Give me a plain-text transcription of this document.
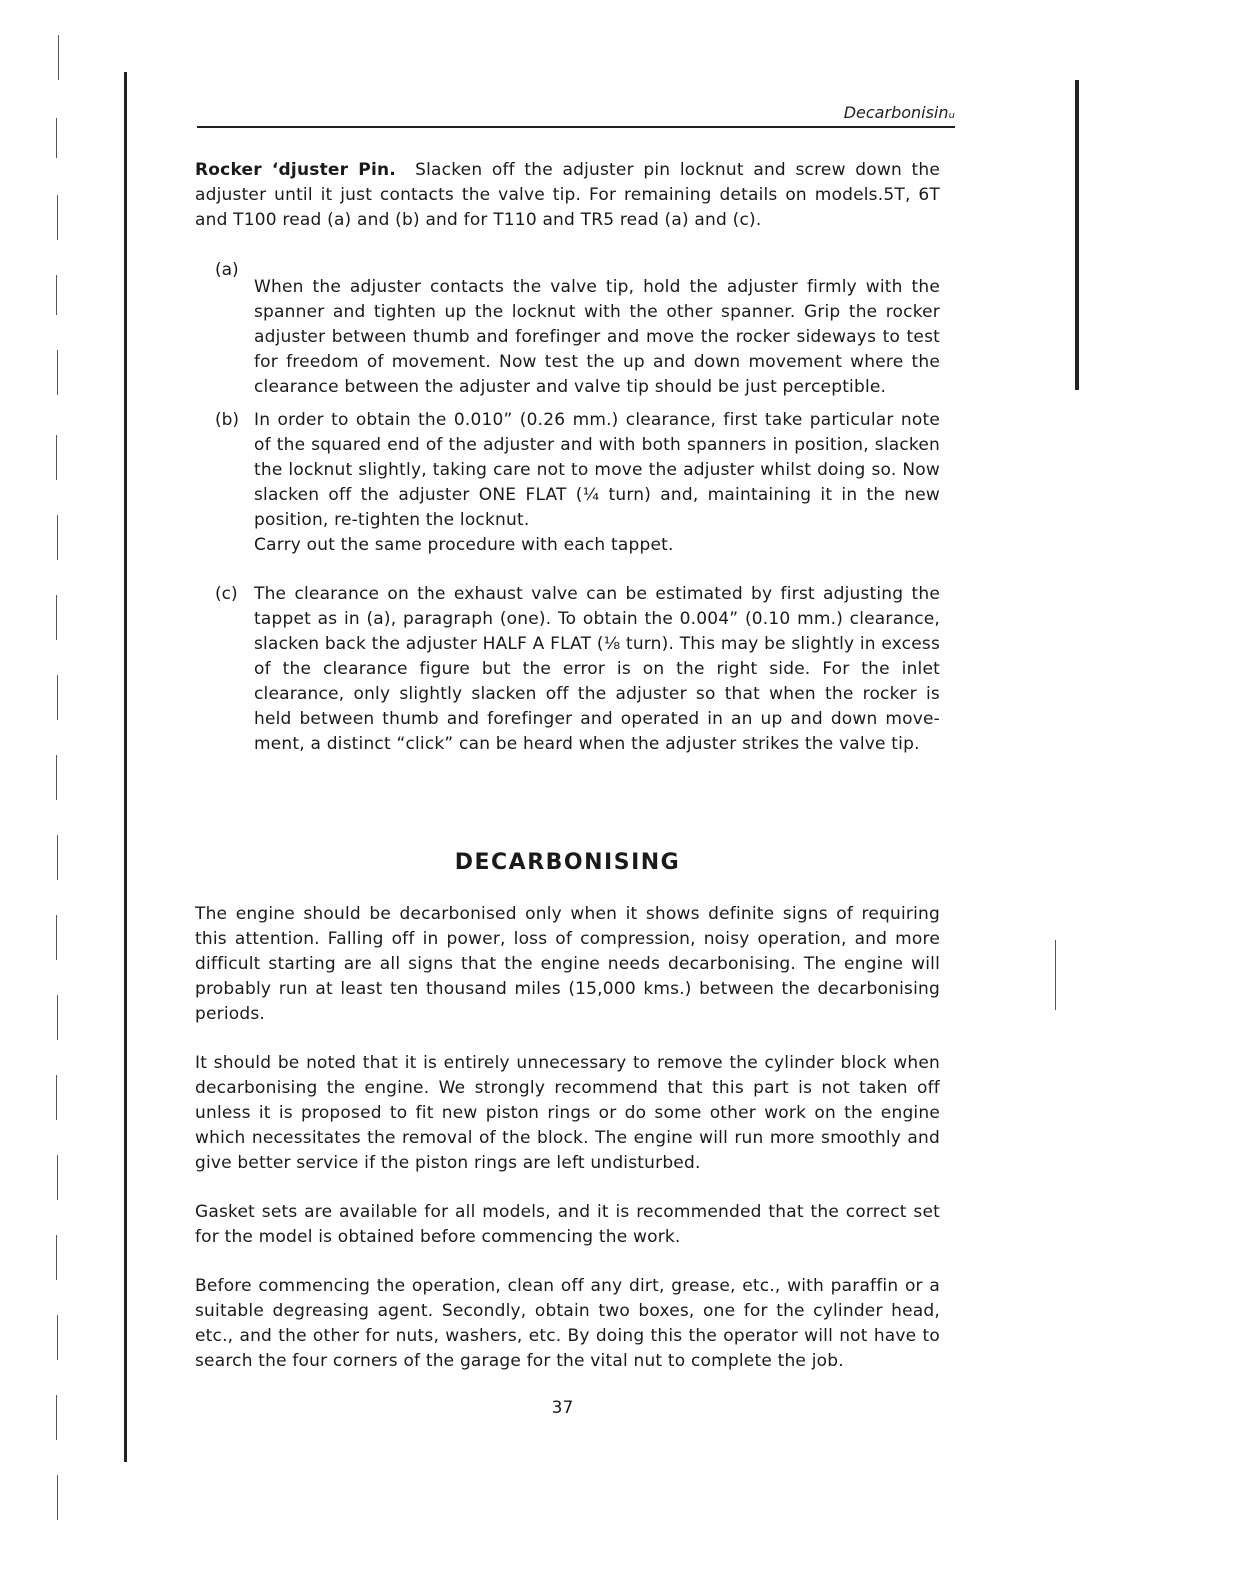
Decarbonisinᵤ
Rocker ‘djuster Pin. Slacken off the adjuster pin locknut and screw down the adjuster until it just contacts the valve tip. For remaining details on models.5T, 6T and T100 read (a) and (b) and for T110 and TR5 read (a) and (c).
(a)

When the adjuster contacts the valve tip, hold the adjuster firmly with the spanner and tighten up the locknut with the other spanner. Grip the rocker adjuster between thumb and forefinger and move the rocker sideways to test for freedom of movement. Now test the up and down movement where the clearance between the adjuster and valve tip should be just perceptible.

(b) In order to obtain the 0.010” (0.26 mm.) clearance, first take particular note of the squared end of the adjuster and with both spanners in position, slacken the locknut slightly, taking care not to move the adjuster whilst doing so. Now slacken off the adjuster ONE FLAT (¼ turn) and, maintaining it in the new position, re-tighten the locknut.

Carry out the same procedure with each tappet.

(c) The clearance on the exhaust valve can be estimated by first adjusting the tappet as in (a), paragraph (one). To obtain the 0.004” (0.10 mm.) clearance, slacken back the adjuster HALF A FLAT (⅛ turn). This may be slightly in excess of the clearance figure but the error is on the right side. For the inlet clearance, only slightly slacken off the adjuster so that when the rocker is held between thumb and forefinger and operated in an up and down move-ment, a distinct “click” can be heard when the adjuster strikes the valve tip.

DECARBONISING

The engine should be decarbonised only when it shows definite signs of requiring this attention. Falling off in power, loss of compression, noisy operation, and more difficult starting are all signs that the engine needs decarbonising. The engine will probably run at least ten thousand miles (15,000 kms.) between the decarbonising periods.

It should be noted that it is entirely unnecessary to remove the cylinder block when decarbonising the engine. We strongly recommend that this part is not taken off unless it is proposed to fit new piston rings or do some other work on the engine which necessitates the removal of the block. The engine will run more smoothly and give better service if the piston rings are left undisturbed.

Gasket sets are available for all models, and it is recommended that the correct set for the model is obtained before commencing the work.

Before commencing the operation, clean off any dirt, grease, etc., with paraffin or a suitable degreasing agent. Secondly, obtain two boxes, one for the cylinder head, etc., and the other for nuts, washers, etc. By doing this the operator will not have to search the four corners of the garage for the vital nut to complete the job.

37
